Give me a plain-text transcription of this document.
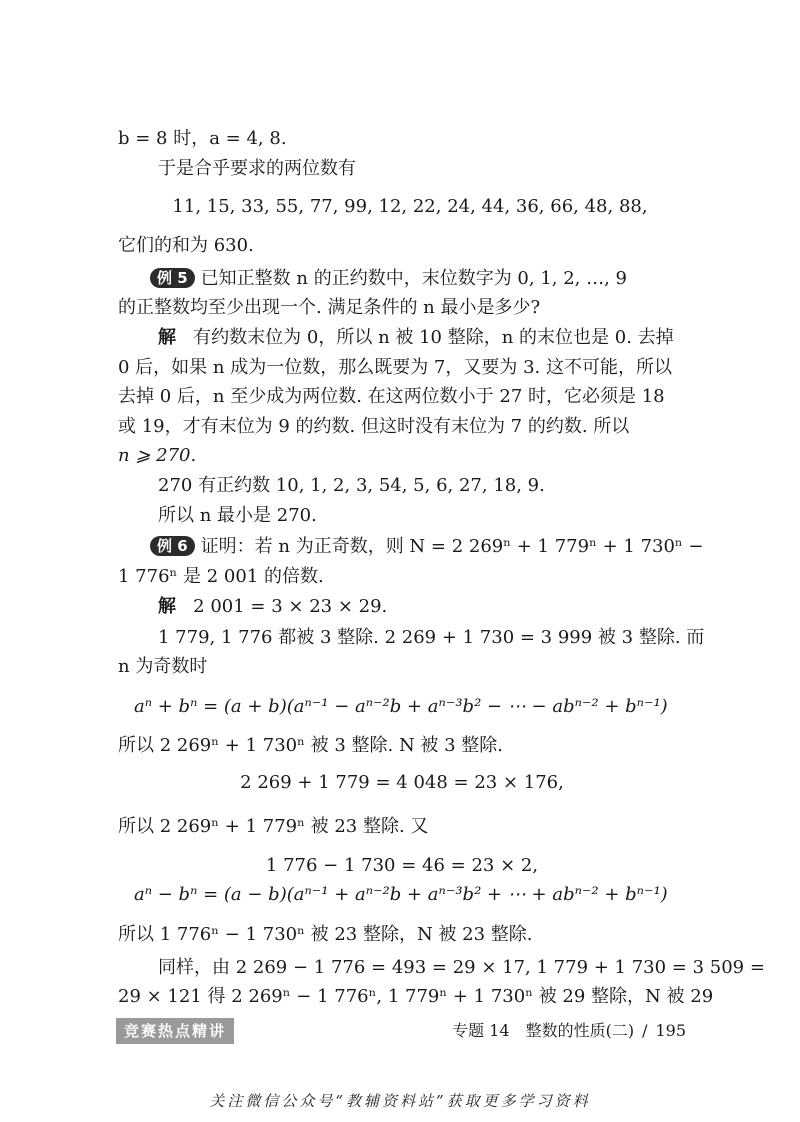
b = 8 时，a = 4, 8.
于是合乎要求的两位数有
11, 15, 33, 55, 77, 99, 12, 22, 24, 44, 36, 66, 48, 88,
它们的和为 630.
例 5 已知正整数 n 的正约数中，末位数字为 0, 1, 2, …, 9
的正整数均至少出现一个. 满足条件的 n 最小是多少?
解 有约数末位为 0，所以 n 被 10 整除，n 的末位也是 0. 去掉
0 后，如果 n 成为一位数，那么既要为 7，又要为 3. 这不可能，所以
去掉 0 后，n 至少成为两位数. 在这两位数小于 27 时，它必须是 18
或 19，才有末位为 9 的约数. 但这时没有末位为 7 的约数. 所以
n ⩾ 270.
270 有正约数 10, 1, 2, 3, 54, 5, 6, 27, 18, 9.
所以 n 最小是 270.
例 6 证明：若 n 为正奇数，则 N = 2 269ⁿ + 1 779ⁿ + 1 730ⁿ −
1 776ⁿ 是 2 001 的倍数.
解 2 001 = 3 × 23 × 29.
1 779, 1 776 都被 3 整除. 2 269 + 1 730 = 3 999 被 3 整除. 而
n 为奇数时
aⁿ + bⁿ = (a + b)(aⁿ⁻¹ − aⁿ⁻²b + aⁿ⁻³b² − ⋯ − abⁿ⁻² + bⁿ⁻¹)
所以 2 269ⁿ + 1 730ⁿ 被 3 整除. N 被 3 整除.
2 269 + 1 779 = 4 048 = 23 × 176,
所以 2 269ⁿ + 1 779ⁿ 被 23 整除. 又
1 776 − 1 730 = 46 = 23 × 2,
aⁿ − bⁿ = (a − b)(aⁿ⁻¹ + aⁿ⁻²b + aⁿ⁻³b² + ⋯ + abⁿ⁻² + bⁿ⁻¹)
所以 1 776ⁿ − 1 730ⁿ 被 23 整除，N 被 23 整除.
同样，由 2 269 − 1 776 = 493 = 29 × 17, 1 779 + 1 730 = 3 509 =
29 × 121 得 2 269ⁿ − 1 776ⁿ, 1 779ⁿ + 1 730ⁿ 被 29 整除，N 被 29
竞赛热点精讲	专题 14　整数的性质(二) / 195
关注微信公众号“教辅资料站”获取更多学习资料
